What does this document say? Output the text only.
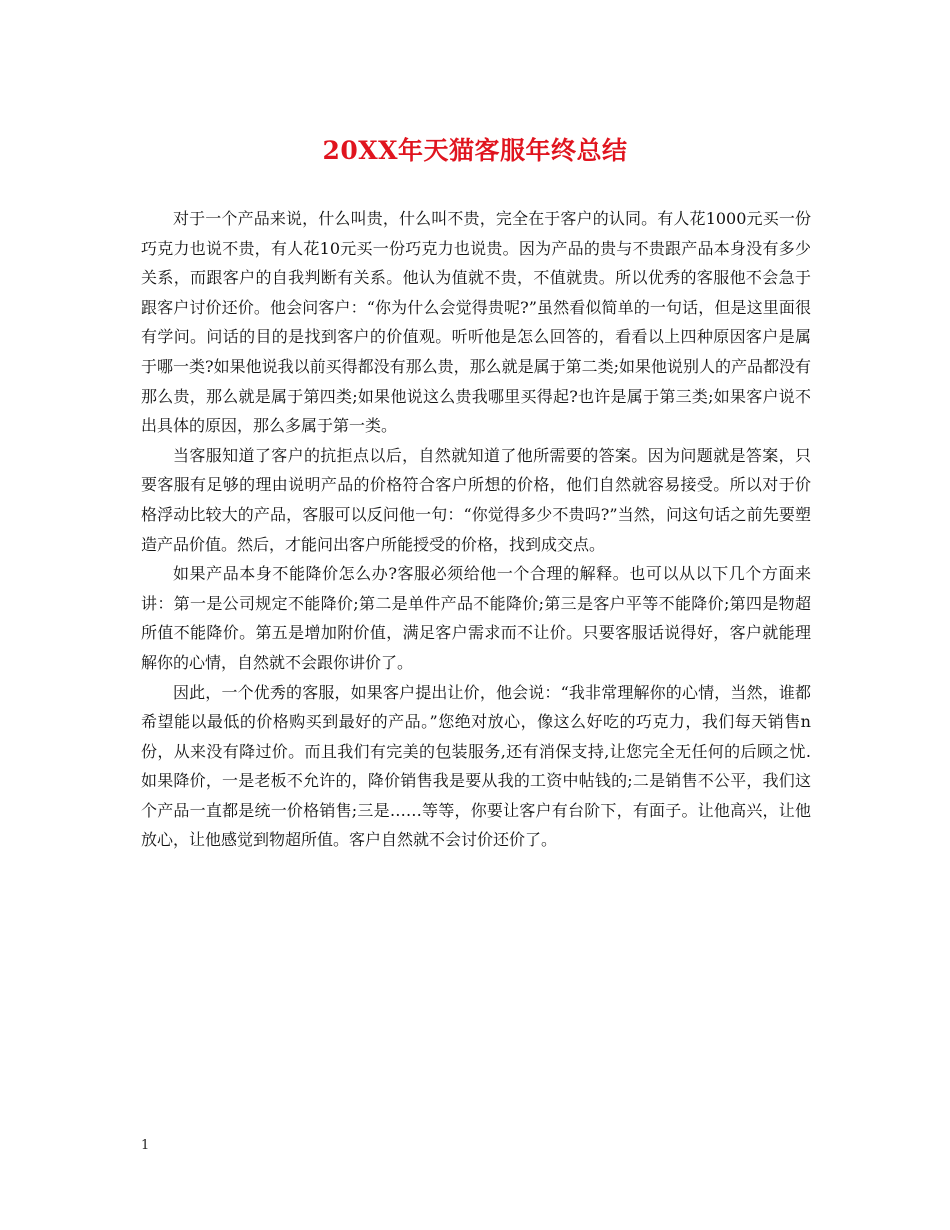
20XX年天猫客服年终总结

对于一个产品来说，什么叫贵，什么叫不贵，完全在于客户的认同。有人花1000元买一份巧克力也说不贵，有人花10元买一份巧克力也说贵。因为产品的贵与不贵跟产品本身没有多少关系，而跟客户的自我判断有关系。他认为值就不贵，不值就贵。所以优秀的客服他不会急于跟客户讨价还价。他会问客户：“你为什么会觉得贵呢?”虽然看似简单的一句话，但是这里面很有学问。问话的目的是找到客户的价值观。听听他是怎么回答的，看看以上四种原因客户是属于哪一类?如果他说我以前买得都没有那么贵，那么就是属于第二类;如果他说别人的产品都没有那么贵，那么就是属于第四类;如果他说这么贵我哪里买得起?也许是属于第三类;如果客户说不出具体的原因，那么多属于第一类。

当客服知道了客户的抗拒点以后，自然就知道了他所需要的答案。因为问题就是答案，只要客服有足够的理由说明产品的价格符合客户所想的价格，他们自然就容易接受。所以对于价格浮动比较大的产品，客服可以反问他一句：“你觉得多少不贵吗?”当然，问这句话之前先要塑造产品价值。然后，才能问出客户所能授受的价格，找到成交点。

如果产品本身不能降价怎么办?客服必须给他一个合理的解释。也可以从以下几个方面来讲：第一是公司规定不能降价;第二是单件产品不能降价;第三是客户平等不能降价;第四是物超所值不能降价。第五是增加附价值，满足客户需求而不让价。只要客服话说得好，客户就能理解你的心情，自然就不会跟你讲价了。

因此，一个优秀的客服，如果客户提出让价，他会说：“我非常理解你的心情，当然，谁都希望能以最低的价格购买到最好的产品。”您绝对放心，像这么好吃的巧克力，我们每天销售n份，从来没有降过价。而且我们有完美的包装服务,还有消保支持,让您完全无任何的后顾之忧.如果降价，一是老板不允许的，降价销售我是要从我的工资中帖钱的;二是销售不公平，我们这个产品一直都是统一价格销售;三是……等等，你要让客户有台阶下，有面子。让他高兴，让他放心，让他感觉到物超所值。客户自然就不会讨价还价了。

1
